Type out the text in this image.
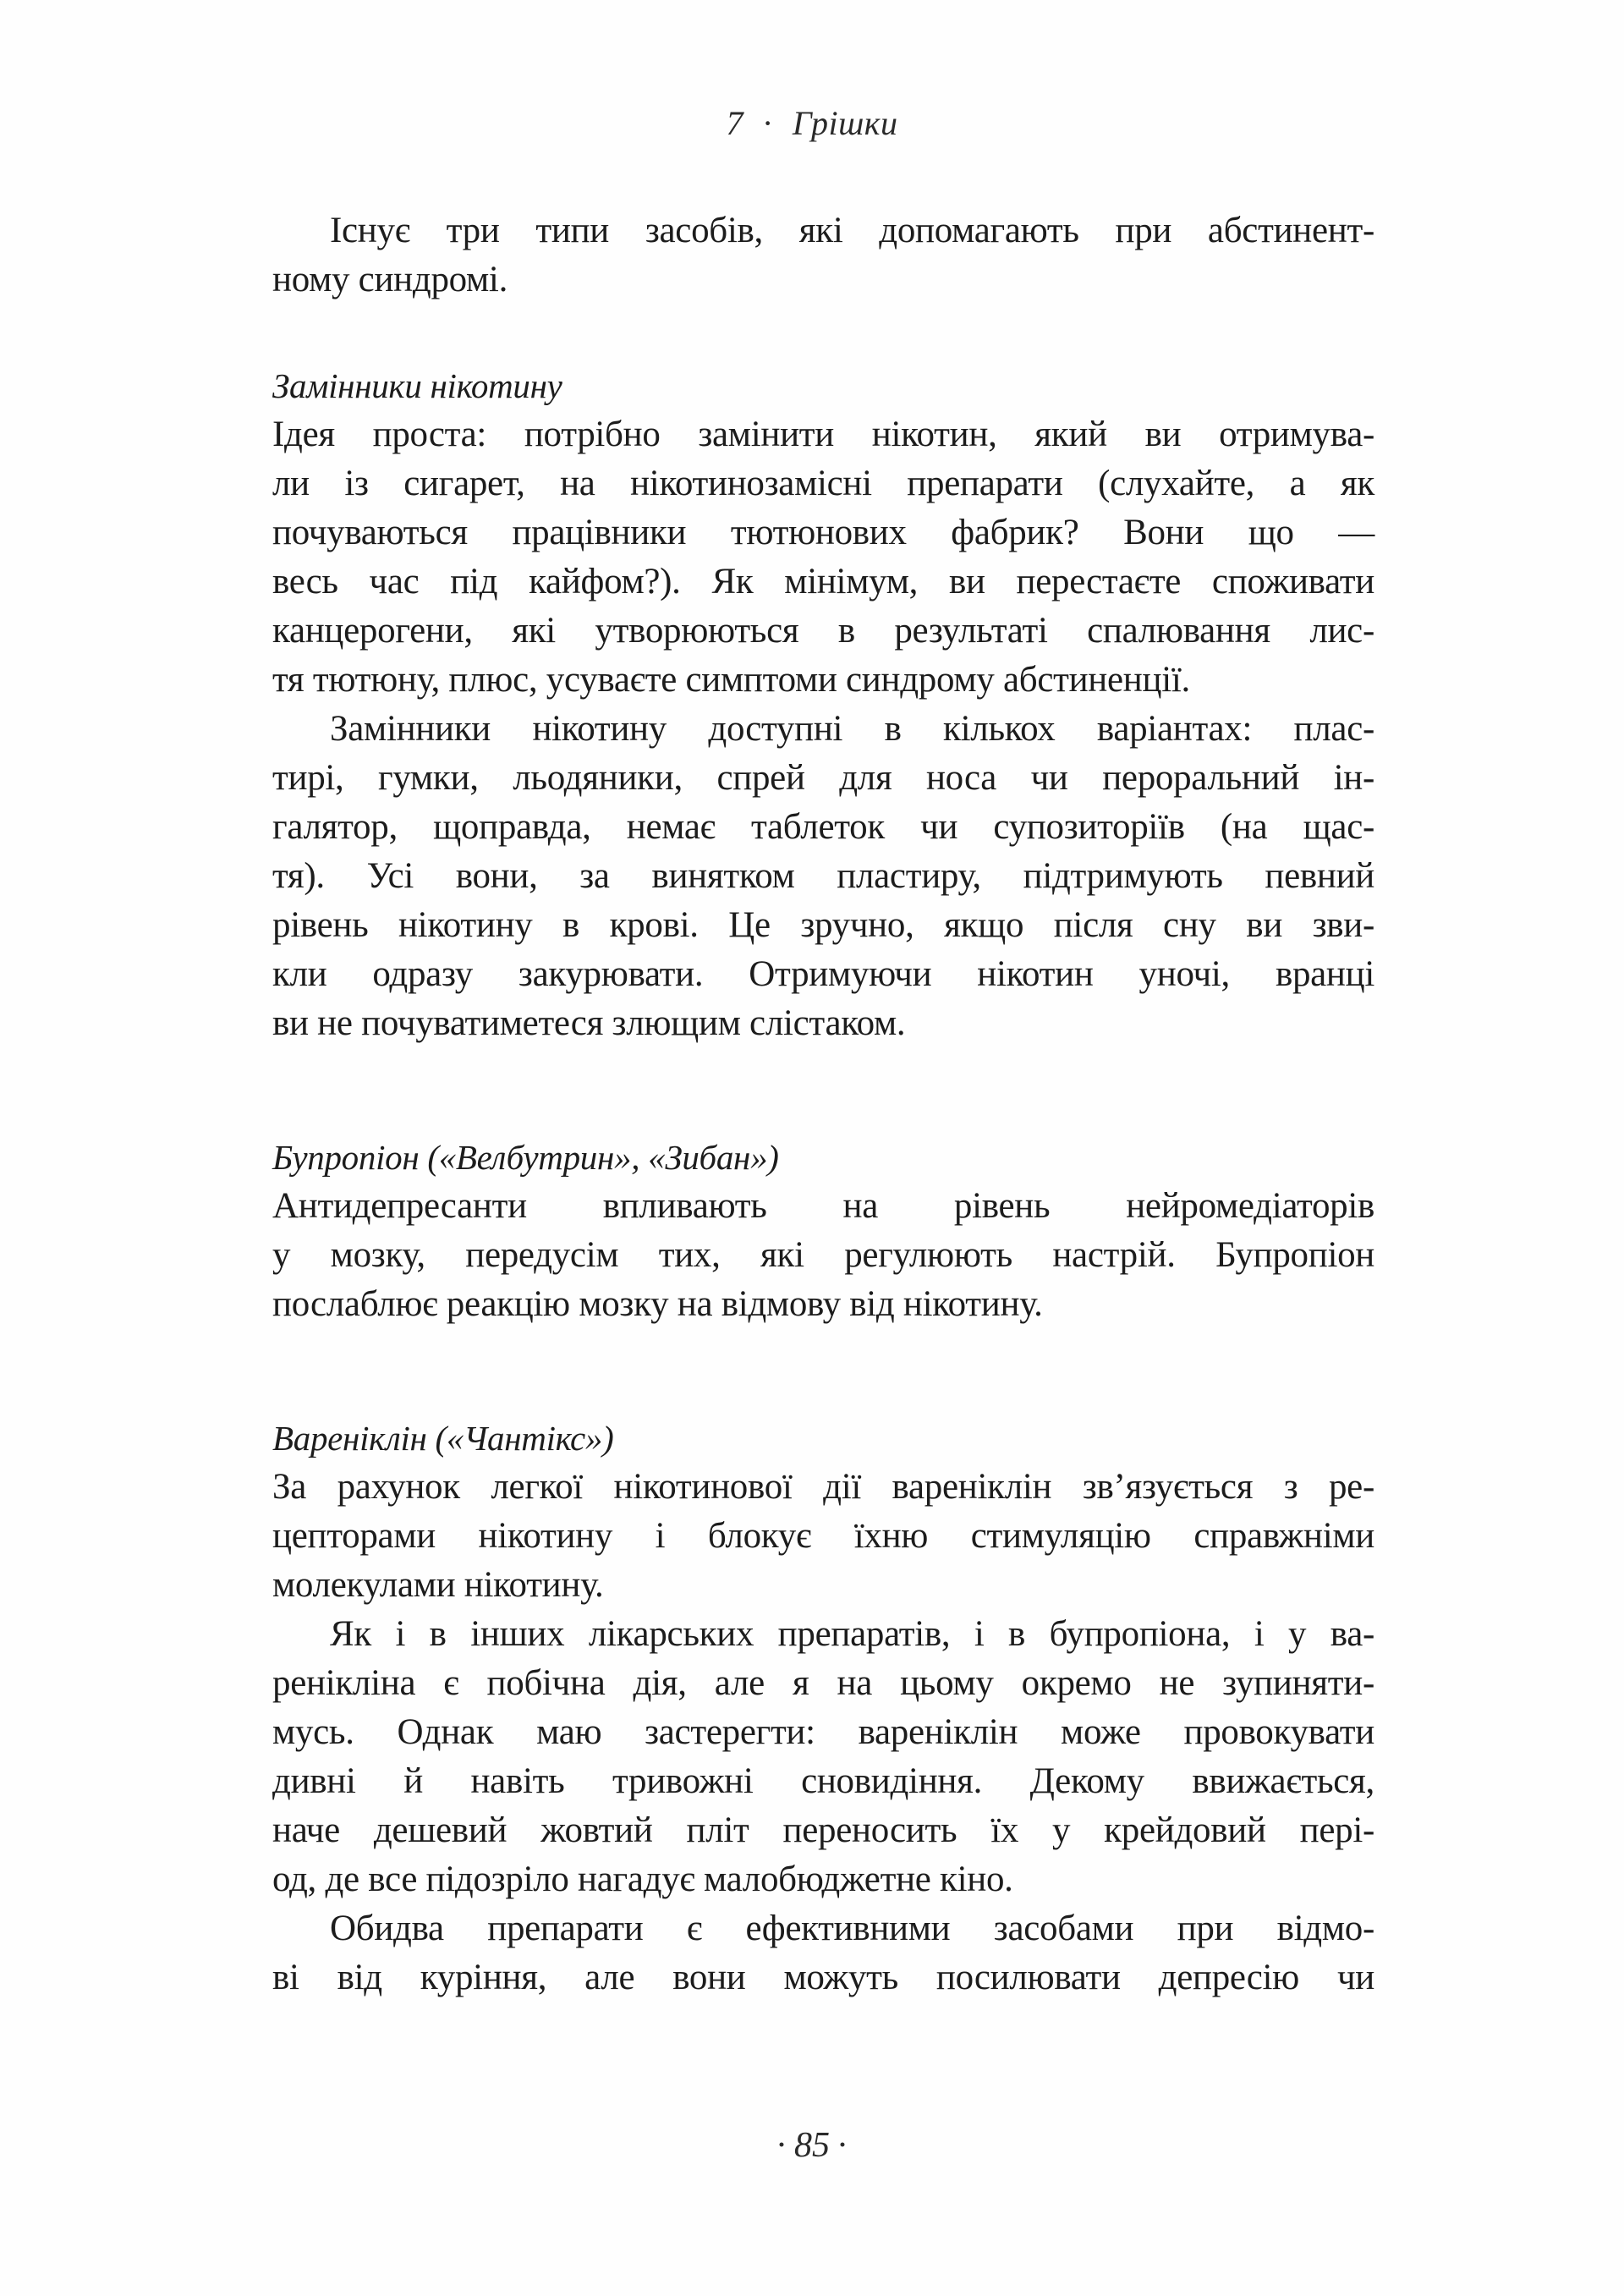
7 · Грішки
Існує три типи засобів, які допомагають при абстинент-
ному синдромі.
Замінники нікотину
Ідея проста: потрібно замінити нікотин, який ви отримува-
ли із сигарет, на нікотинозамісні препарати (слухайте, а як
почуваються працівники тютюнових фабрик? Вони що —
весь час під кайфом?). Як мінімум, ви перестаєте споживати
канцерогени, які утворюються в результаті спалювання лис-
тя тютюну, плюс, усуваєте симптоми синдрому абстиненції.
Замінники нікотину доступні в кількох варіантах: плас-
тирі, гумки, льодяники, спрей для носа чи пероральний ін-
галятор, щоправда, немає таблеток чи супозиторіїв (на щас-
тя). Усі вони, за винятком пластиру, підтримують певний
рівень нікотину в крові. Це зручно, якщо після сну ви зви-
кли одразу закурювати. Отримуючи нікотин уночі, вранці
ви не почуватиметеся злющим слістаком.
Бупропіон («Велбутрин», «Зибан»)
Антидепресанти впливають на рівень нейромедіаторів
у мозку, передусім тих, які регулюють настрій. Бупропіон
послаблює реакцію мозку на відмову від нікотину.
Вареніклін («Чантікс»)
За рахунок легкої нікотинової дії вареніклін зв’язується з ре-
цепторами нікотину і блокує їхню стимуляцію справжніми
молекулами нікотину.
Як і в інших лікарських препаратів, і в бупропіона, і у ва-
ренікліна є побічна дія, але я на цьому окремо не зупиняти-
мусь. Однак маю застерегти: вареніклін може провокувати
дивні й навіть тривожні сновидіння. Декому ввижається,
наче дешевий жовтий пліт переносить їх у крейдовий пері-
од, де все підозріло нагадує малобюджетне кіно.
Обидва препарати є ефективними засобами при відмо-
ві від куріння, але вони можуть посилювати депресію чи
· 85 ·
